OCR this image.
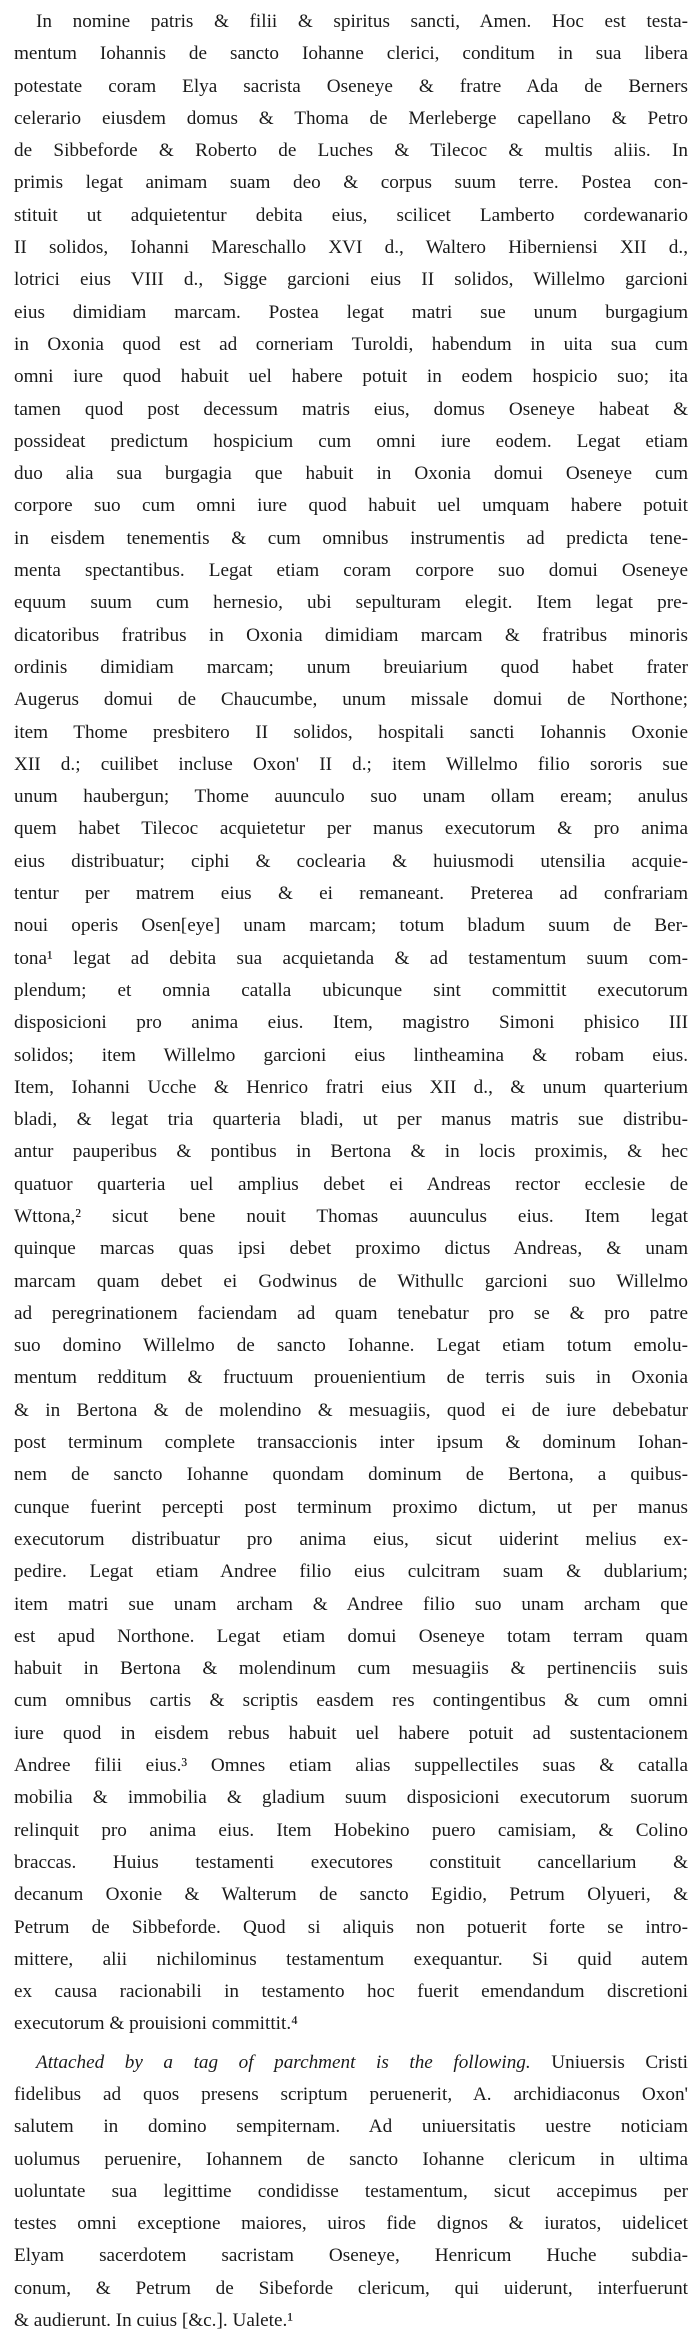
In nomine patris & filii & spiritus sancti, Amen. Hoc est testa-
mentum Iohannis de sancto Iohanne clerici, conditum in sua libera
potestate coram Elya sacrista Oseneye & fratre Ada de Berners
celerario eiusdem domus & Thoma de Merleberge capellano & Petro
de Sibbeforde & Roberto de Luches & Tilecoc & multis aliis. In
primis legat animam suam deo & corpus suum terre. Postea con-
stituit ut adquietentur debita eius, scilicet Lamberto cordewanario
II solidos, Iohanni Mareschallo XVI d., Waltero Hiberniensi XII d.,
lotrici eius VIII d., Sigge garcioni eius II solidos, Willelmo garcioni
eius dimidiam marcam. Postea legat matri sue unum burgagium
in Oxonia quod est ad corneriam Turoldi, habendum in uita sua cum
omni iure quod habuit uel habere potuit in eodem hospicio suo; ita
tamen quod post decessum matris eius, domus Oseneye habeat &
possideat predictum hospicium cum omni iure eodem. Legat etiam
duo alia sua burgagia que habuit in Oxonia domui Oseneye cum
corpore suo cum omni iure quod habuit uel umquam habere potuit
in eisdem tenementis & cum omnibus instrumentis ad predicta tene-
menta spectantibus. Legat etiam coram corpore suo domui Oseneye
equum suum cum hernesio, ubi sepulturam elegit. Item legat pre-
dicatoribus fratribus in Oxonia dimidiam marcam & fratribus minoris
ordinis dimidiam marcam; unum breuiarium quod habet frater
Augerus domui de Chaucumbe, unum missale domui de Northone;
item Thome presbitero II solidos, hospitali sancti Iohannis Oxonie
XII d.; cuilibet incluse Oxon' II d.; item Willelmo filio sororis sue
unum haubergun; Thome auunculo suo unam ollam eream; anulus
quem habet Tilecoc acquietetur per manus executorum & pro anima
eius distribuatur; ciphi & coclearia & huiusmodi utensilia acquie-
tentur per matrem eius & ei remaneant. Preterea ad confrariam
noui operis Osen[eye] unam marcam; totum bladum suum de Ber-
tona¹ legat ad debita sua acquietanda & ad testamentum suum com-
plendum; et omnia catalla ubicunque sint committit executorum
disposicioni pro anima eius. Item, magistro Simoni phisico III
solidos; item Willelmo garcioni eius lintheamina & robam eius.
Item, Iohanni Ucche & Henrico fratri eius XII d., & unum quarterium
bladi, & legat tria quarteria bladi, ut per manus matris sue distribu-
antur pauperibus & pontibus in Bertona & in locis proximis, & hec
quatuor quarteria uel amplius debet ei Andreas rector ecclesie de
Wttona,² sicut bene nouit Thomas auunculus eius. Item legat
quinque marcas quas ipsi debet proximo dictus Andreas, & unam
marcam quam debet ei Godwinus de Withullc garcioni suo Willelmo
ad peregrinationem faciendam ad quam tenebatur pro se & pro patre
suo domino Willelmo de sancto Iohanne. Legat etiam totum emolu-
mentum redditum & fructuum prouenientium de terris suis in Oxonia
& in Bertona & de molendino & mesuagiis, quod ei de iure debebatur
post terminum complete transaccionis inter ipsum & dominum Iohan-
nem de sancto Iohanne quondam dominum de Bertona, a quibus-
cunque fuerint percepti post terminum proximo dictum, ut per manus
executorum distribuatur pro anima eius, sicut uiderint melius ex-
pedire. Legat etiam Andree filio eius culcitram suam & dublarium;
item matri sue unam archam & Andree filio suo unam archam que
est apud Northone. Legat etiam domui Oseneye totam terram quam
habuit in Bertona & molendinum cum mesuagiis & pertinenciis suis
cum omnibus cartis & scriptis easdem res contingentibus & cum omni
iure quod in eisdem rebus habuit uel habere potuit ad sustentacionem
Andree filii eius.³ Omnes etiam alias suppellectiles suas & catalla
mobilia & immobilia & gladium suum disposicioni executorum suorum
relinquit pro anima eius. Item Hobekino puero camisiam, & Colino
braccas. Huius testamenti executores constituit cancellarium &
decanum Oxonie & Walterum de sancto Egidio, Petrum Olyueri, &
Petrum de Sibbeforde. Quod si aliquis non potuerit forte se intro-
mittere, alii nichilominus testamentum exequantur. Si quid autem
ex causa racionabili in testamento hoc fuerit emendandum discretioni
executorum & prouisioni committit.⁴
Attached by a tag of parchment is the following. Uniuersis Cristi
fidelibus ad quos presens scriptum peruenerit, A. archidiaconus Oxon'
salutem in domino sempiternam. Ad uniuersitatis uestre noticiam
uolumus peruenire, Iohannem de sancto Iohanne clericum in ultima
uoluntate sua legittime condidisse testamentum, sicut accepimus per
testes omni exceptione maiores, uiros fide dignos & iuratos, uidelicet
Elyam sacerdotem sacristam Oseneye, Henricum Huche subdia-
conum, & Petrum de Sibeforde clericum, qui uiderunt, interfuerunt
& audierunt. In cuius [&c.]. Ualete.¹
